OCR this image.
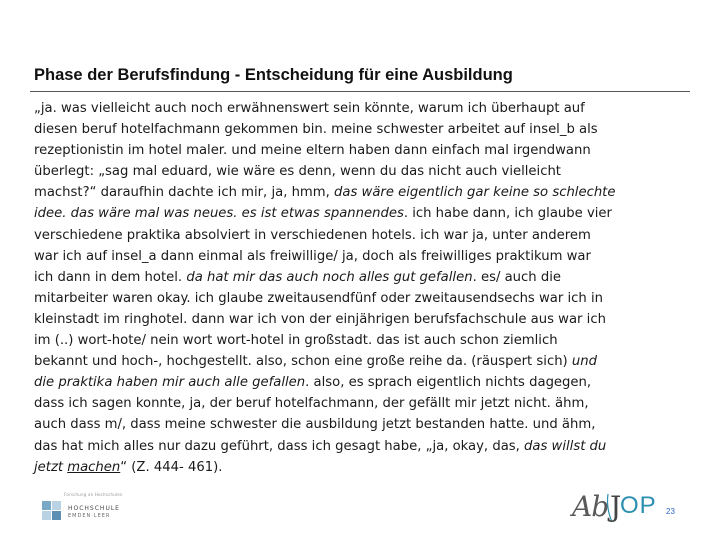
Phase der Berufsfindung - Entscheidung für eine Ausbildung
„ja. was vielleicht auch noch erwähnenswert sein könnte, warum ich überhaupt auf
diesen beruf hotelfachmann gekommen bin. meine schwester arbeitet auf insel_b als
rezeptionistin im hotel maler. und meine eltern haben dann einfach mal irgendwann
überlegt: „sag mal eduard, wie wäre es denn, wenn du das nicht auch vielleicht
machst?“ daraufhin dachte ich mir, ja, hmm, das wäre eigentlich gar keine so schlechte
idee. das wäre mal was neues. es ist etwas spannendes. ich habe dann, ich glaube vier
verschiedene praktika absolviert in verschiedenen hotels. ich war ja, unter anderem
war ich auf insel_a dann einmal als freiwillige/ ja, doch als freiwilliges praktikum war
ich dann in dem hotel. da hat mir das auch noch alles gut gefallen. es/ auch die
mitarbeiter waren okay. ich glaube zweitausendfünf oder zweitausendsechs war ich in
kleinstadt im ringhotel. dann war ich von der einjährigen berufsfachschule aus war ich
im (..) wort-hote/ nein wort wort-hotel in großstadt. das ist auch schon ziemlich
bekannt und hoch-, hochgestellt. also, schon eine große reihe da. (räuspert sich) und
die praktika haben mir auch alle gefallen. also, es sprach eigentlich nichts dagegen,
dass ich sagen konnte, ja, der beruf hotelfachmann, der gefällt mir jetzt nicht. ähm,
auch dass m/, dass meine schwester die ausbildung jetzt bestanden hatte. und ähm,
das hat mich alles nur dazu geführt, dass ich gesagt habe, „ja, okay, das, das willst du
jetzt machen“ (Z. 444- 461).
Forschung an Hochschulen
HOCHSCHULE
EMDEN·LEER	Ab J
OP 23
